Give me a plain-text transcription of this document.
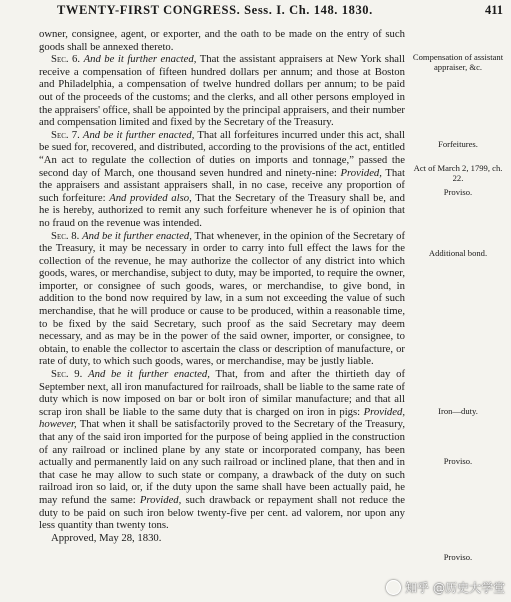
TWENTY-FIRST CONGRESS. Sess. I. Ch. 148. 1830.	411

owner, consignee, agent, or exporter, and the oath to be made on the entry of such goods shall be annexed thereto.

Sec. 6. And be it further enacted, That the assistant appraisers at New York shall receive a compensation of fifteen hundred dollars per annum; and those at Boston and Philadelphia, a compensation of twelve hundred dollars per annum; to be paid out of the proceeds of the customs; and the clerks, and all other persons employed in the appraisers' office, shall be appointed by the principal appraisers, and their number and compensation limited and fixed by the Secretary of the Treasury.

Sec. 7. And be it further enacted, That all forfeitures incurred under this act, shall be sued for, recovered, and distributed, according to the provisions of the act, entitled “An act to regulate the collection of duties on imports and tonnage,” passed the second day of March, one thousand seven hundred and ninety-nine: Provided, That the appraisers and assistant appraisers shall, in no case, receive any proportion of such forfeiture: And provided also, That the Secretary of the Treasury shall be, and he is hereby, authorized to remit any such forfeiture whenever he is of opinion that no fraud on the revenue was intended.

Sec. 8. And be it further enacted, That whenever, in the opinion of the Secretary of the Treasury, it may be necessary in order to carry into full effect the laws for the collection of the revenue, he may authorize the collector of any district into which goods, wares, or merchandise, subject to duty, may be imported, to require the owner, importer, or consignee of such goods, wares, or merchandise, to give bond, in addition to the bond now required by law, in a sum not exceeding the value of such merchandise, that he will produce or cause to be produced, within a reasonable time, to be fixed by the said Secretary, such proof as the said Secretary may deem necessary, and as may be in the power of the said owner, importer, or consignee, to obtain, to enable the collector to ascertain the class or description of manufacture, or rate of duty, to which such goods, wares, or merchandise, may be justly liable.

Sec. 9. And be it further enacted, That, from and after the thirtieth day of September next, all iron manufactured for railroads, shall be liable to the same rate of duty which is now imposed on bar or bolt iron of similar manufacture; and that all scrap iron shall be liable to the same duty that is charged on iron in pigs: Provided, however, That when it shall be satisfactorily proved to the Secretary of the Treasury, that any of the said iron imported for the purpose of being applied in the construction of any railroad or inclined plane by any state or incorporated company, has been actually and permanently laid on any such railroad or inclined plane, that then and in that case he may allow to such state or company, a drawback of the duty on such railroad iron so laid, or, if the duty upon the same shall have been actually paid, he may refund the same: Provided, such drawback or repayment shall not reduce the duty to be paid on such iron below twenty-five per cent. ad valorem, nor upon any less quantity than twenty tons.

Approved, May 28, 1830.

Compensation of assistant appraiser, &c.
Forfeitures.
Act of March 2, 1799, ch. 22.
Proviso.
Additional bond.
Iron—duty.
Proviso.
Proviso.
知乎 @历史大学堂
